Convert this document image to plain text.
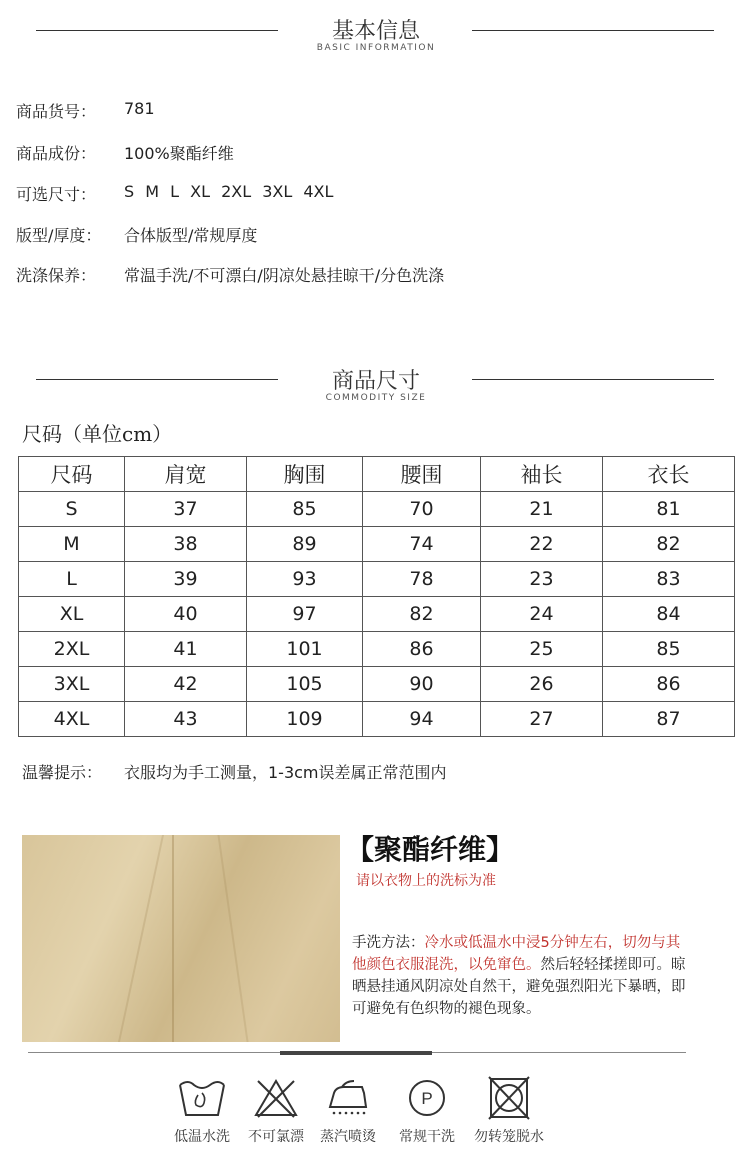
基本信息
BASIC INFORMATION
商品货号： 781
商品成份： 100%聚酯纤维
可选尺寸： S M L XL 2XL 3XL 4XL
版型/厚度： 合体版型/常规厚度
洗涤保养： 常温手洗/不可漂白/阴凉处悬挂晾干/分色洗涤
商品尺寸
COMMODITY SIZE
尺码（单位cm）
尺码	肩宽	胸围	腰围	袖长	衣长
S	37	85	70	21	81
M	38	89	74	22	82
L	39	93	78	23	83
XL	40	97	82	24	84
2XL	41	101	86	25	85
3XL	42	105	90	26	86
4XL	43	109	94	27	87
温馨提示： 衣服均为手工测量，1-3cm误差属正常范围内
【聚酯纤维】
请以衣物上的洗标为准
手洗方法：冷水或低温水中浸5分钟左右，切勿与其他颜色衣服混洗，以免窜色。然后轻轻揉搓即可。晾晒悬挂通风阴凉处自然干，避免强烈阳光下暴晒，即可避免有色织物的褪色现象。
低温水洗	不可氯漂	蒸汽喷烫
P
常规干洗	勿转笼脱水
